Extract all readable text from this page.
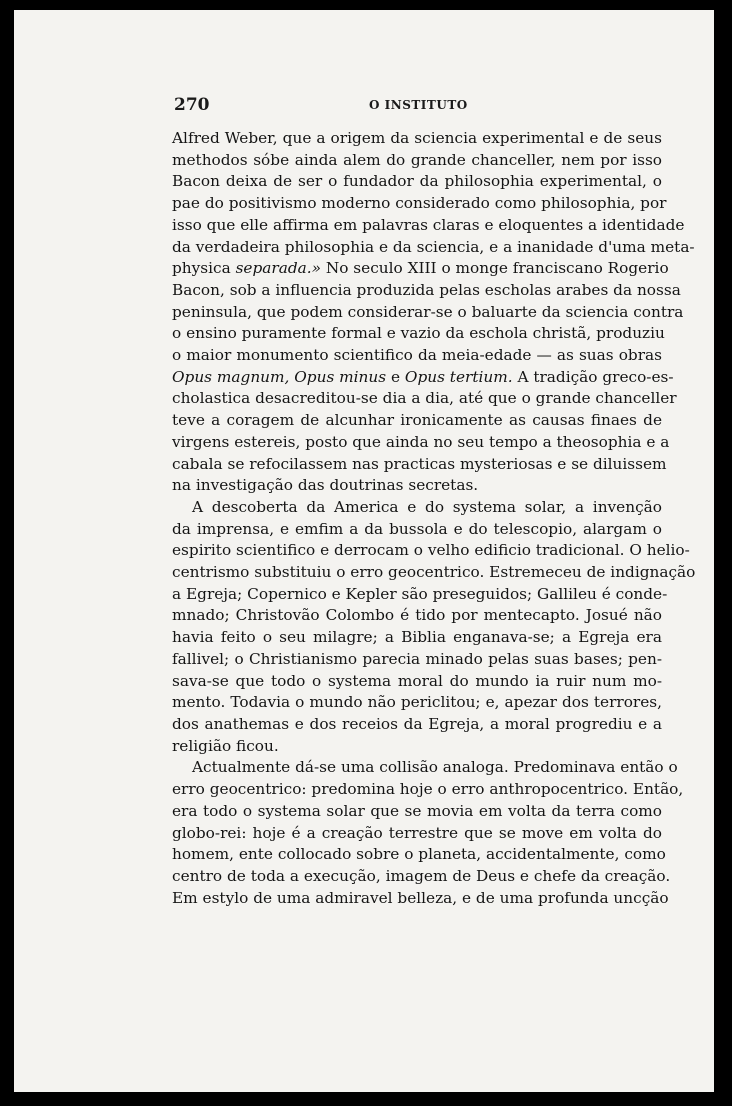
270	O INSTITUTO
Alfred Weber, que a origem da sciencia experimental e de seus
methodos sóbe ainda alem do grande chanceller, nem por isso
Bacon deixa de ser o fundador da philosophia experimental, o
pae do positivismo moderno considerado como philosophia, por
isso que elle affirma em palavras claras e eloquentes a identidade
da verdadeira philosophia e da sciencia, e a inanidade d'uma meta-
physica separada.» No seculo XIII o monge franciscano Rogerio
Bacon, sob a influencia produzida pelas escholas arabes da nossa
peninsula, que podem considerar-se o baluarte da sciencia contra
o ensino puramente formal e vazio da eschola christã, produziu
o maior monumento scientifico da meia-edade — as suas obras
Opus magnum, Opus minus e Opus tertium. A tradição greco-es-
cholastica desacreditou-se dia a dia, até que o grande chanceller
teve a coragem de alcunhar ironicamente as causas finaes de
virgens estereis, posto que ainda no seu tempo a theosophia e a
cabala se refocilassem nas practicas mysteriosas e se diluissem
na investigação das doutrinas secretas.
A descoberta da America e do systema solar, a invenção
da imprensa, e emfim a da bussola e do telescopio, alargam o
espirito scientifico e derrocam o velho edificio tradicional. O helio-
centrismo substituiu o erro geocentrico. Estremeceu de indignação
a Egreja; Copernico e Kepler são preseguidos; Gallileu é conde-
mnado; Christovão Colombo é tido por mentecapto. Josué não
havia feito o seu milagre; a Biblia enganava-se; a Egreja era
fallivel; o Christianismo parecia minado pelas suas bases; pen-
sava-se que todo o systema moral do mundo ia ruir num mo-
mento. Todavia o mundo não periclitou; e, apezar dos terrores,
dos anathemas e dos receios da Egreja, a moral progrediu e a
religião ficou.
Actualmente dá-se uma collisão analoga. Predominava então o
erro geocentrico: predomina hoje o erro anthropocentrico. Então,
era todo o systema solar que se movia em volta da terra como
globo-rei: hoje é a creação terrestre que se move em volta do
homem, ente collocado sobre o planeta, accidentalmente, como
centro de toda a execução, imagem de Deus e chefe da creação.
Em estylo de uma admiravel belleza, e de uma profunda uncção
